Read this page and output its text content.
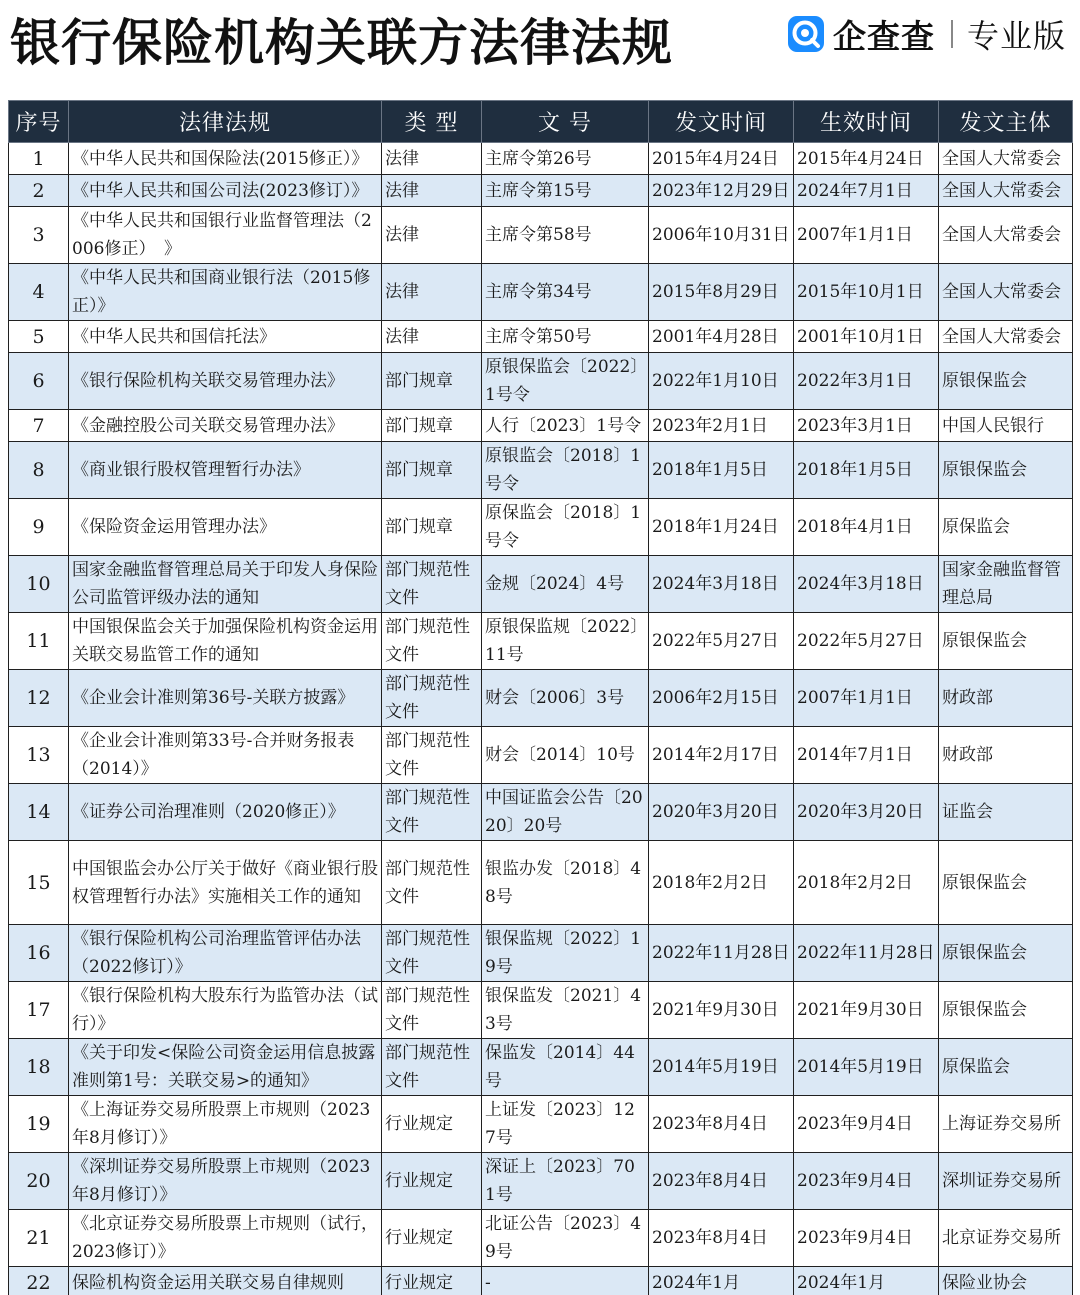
银行保险机构关联方法律法规	企查查 专业版
序号	法律法规	类 型	文 号	发文时间	生效时间	发文主体
1	《中华人民共和国保险法(2015修正）》	法律	主席令第26号	2015年4月24日	2015年4月24日	全国人大常委会
2	《中华人民共和国公司法(2023修订）》	法律	主席令第15号	2023年12月29日	2024年7月1日	全国人大常委会
3	《中华人民共和国银行业监督管理法（2006修正）　》	法律	主席令第58号	2006年10月31日	2007年1月1日	全国人大常委会
4	《中华人民共和国商业银行法（2015修正）》	法律	主席令第34号	2015年8月29日	2015年10月1日	全国人大常委会
5	《中华人民共和国信托法》	法律	主席令第50号	2001年4月28日	2001年10月1日	全国人大常委会
6	《银行保险机构关联交易管理办法》	部门规章	原银保监会〔2022〕1号令	2022年1月10日	2022年3月1日	原银保监会
7	《金融控股公司关联交易管理办法》	部门规章	人行〔2023〕1号令	2023年2月1日	2023年3月1日	中国人民银行
8	《商业银行股权管理暂行办法》	部门规章	原银监会〔2018〕1号令	2018年1月5日	2018年1月5日	原银保监会
9	《保险资金运用管理办法》	部门规章	原保监会〔2018〕1号令	2018年1月24日	2018年4月1日	原保监会
10	国家金融监督管理总局关于印发人身保险公司监管评级办法的通知	部门规范性文件	金规〔2024〕4号	2024年3月18日	2024年3月18日	国家金融监督管理总局
11	中国银保监会关于加强保险机构资金运用关联交易监管工作的通知	部门规范性文件	原银保监规〔2022〕11号	2022年5月27日	2022年5月27日	原银保监会
12	《企业会计准则第36号-关联方披露》	部门规范性文件	财会〔2006〕3号	2006年2月15日	2007年1月1日	财政部
13	《企业会计准则第33号-合并财务报表（2014）》	部门规范性文件	财会〔2014〕10号	2014年2月17日	2014年7月1日	财政部
14	《证券公司治理准则（2020修正）》	部门规范性文件	中国证监会公告〔2020〕20号	2020年3月20日	2020年3月20日	证监会
15	中国银监会办公厅关于做好《商业银行股权管理暂行办法》实施相关工作的通知	部门规范性文件	银监办发〔2018〕48号	2018年2月2日	2018年2月2日	原银保监会
16	《银行保险机构公司治理监管评估办法（2022修订）》	部门规范性文件	银保监规〔2022〕19号	2022年11月28日	2022年11月28日	原银保监会
17	《银行保险机构大股东行为监管办法（试行）》	部门规范性文件	银保监发〔2021〕43号	2021年9月30日	2021年9月30日	原银保监会
18	《关于印发<保险公司资金运用信息披露准则第1号：关联交易>的通知》	部门规范性文件	保监发〔2014〕44号	2014年5月19日	2014年5月19日	原保监会
19	《上海证券交易所股票上市规则（2023年8月修订）》	行业规定	上证发〔2023〕127号	2023年8月4日	2023年9月4日	上海证券交易所
20	《深圳证券交易所股票上市规则（2023年8月修订）》	行业规定	深证上〔2023〕701号	2023年8月4日	2023年9月4日	深圳证券交易所
21	《北京证券交易所股票上市规则（试行，2023修订）》	行业规定	北证公告〔2023〕49号	2023年8月4日	2023年9月4日	北京证券交易所
22	保险机构资金运用关联交易自律规则	行业规定	-	2024年1月	2024年1月	保险业协会
